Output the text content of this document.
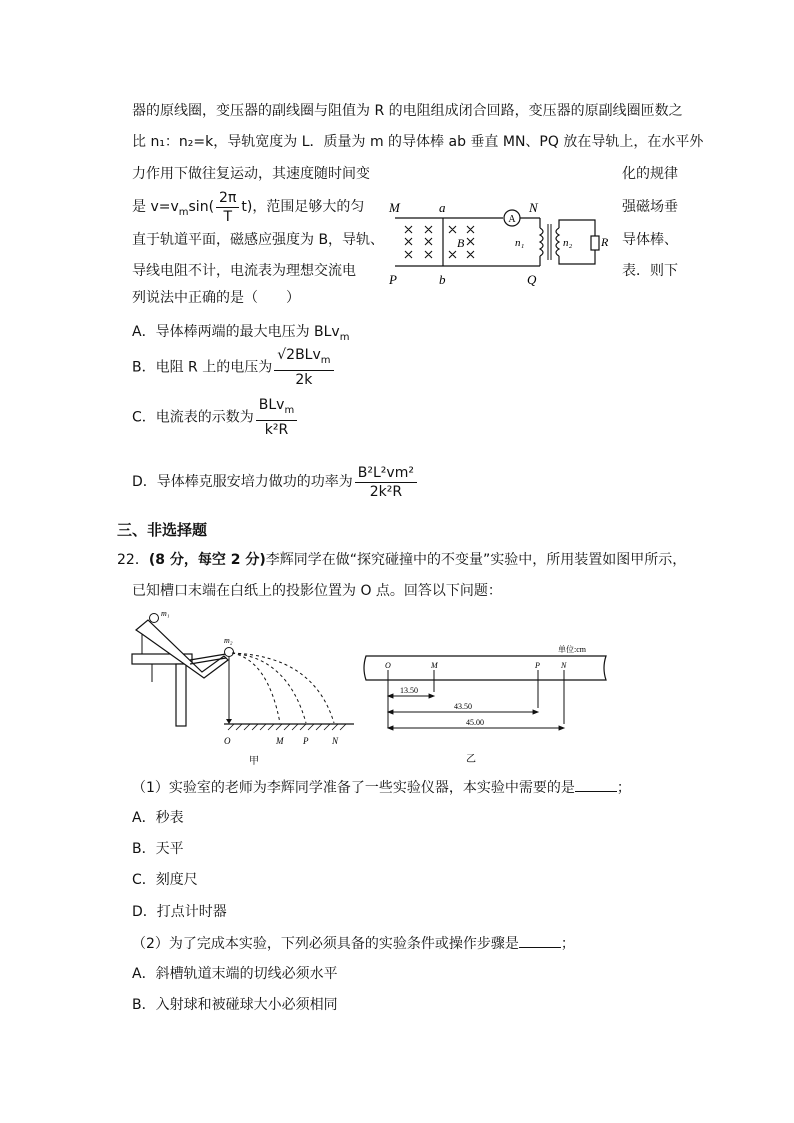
器的原线圈，变压器的副线圈与阻值为 R 的电阻组成闭合回路，变压器的原副线圈匝数之
比 n₁：n₂=k，导轨宽度为 L．质量为 m 的导体棒 ab 垂直 MN、PQ 放在导轨上，在水平外
力作用下做往复运动，其速度随时间变	化的规律
是 $v=v_m\sin( \frac{2\pi}{T} t)$，范围足够大的匀	强磁场垂
直于轨道平面，磁感应强度为 B，导轨、	导体棒、
导线电阻不计，电流表为理想交流电	表．则下
列说法中正确的是（　　）
A
M	a	N
P	b	Q
B	n₁	n₂ R
A．导体棒两端的最大电压为 BLv$_m$
B．电阻 R 上的电压为 $\frac{√2BLv_m}{2k}$
C．电流表的示数为 $\frac{BLv_m}{\text{k²R}}$
D．导体棒克服安培力做功的功率为 $\frac{\text{B²L²vm²}}{\text{2k²R}}$
三、非选择题
22．(8 分，每空 2 分)李辉同学在做“探究碰撞中的不变量”实验中，所用装置如图甲所示，
已知槽口末端在白纸上的投影位置为 O 点。回答以下问题：
m₁
m₂
O	M P	N
甲
单位:cm
O	M	P	N
13.50
43.50
45.00
乙
（1）实验室的老师为李辉同学准备了一些实验仪器，本实验中需要的是	；
A．秒表
B．天平
C．刻度尺
D．打点计时器
（2）为了完成本实验，下列必须具备的实验条件或操作步骤是	；
A．斜槽轨道末端的切线必须水平
B．入射球和被碰球大小必须相同
